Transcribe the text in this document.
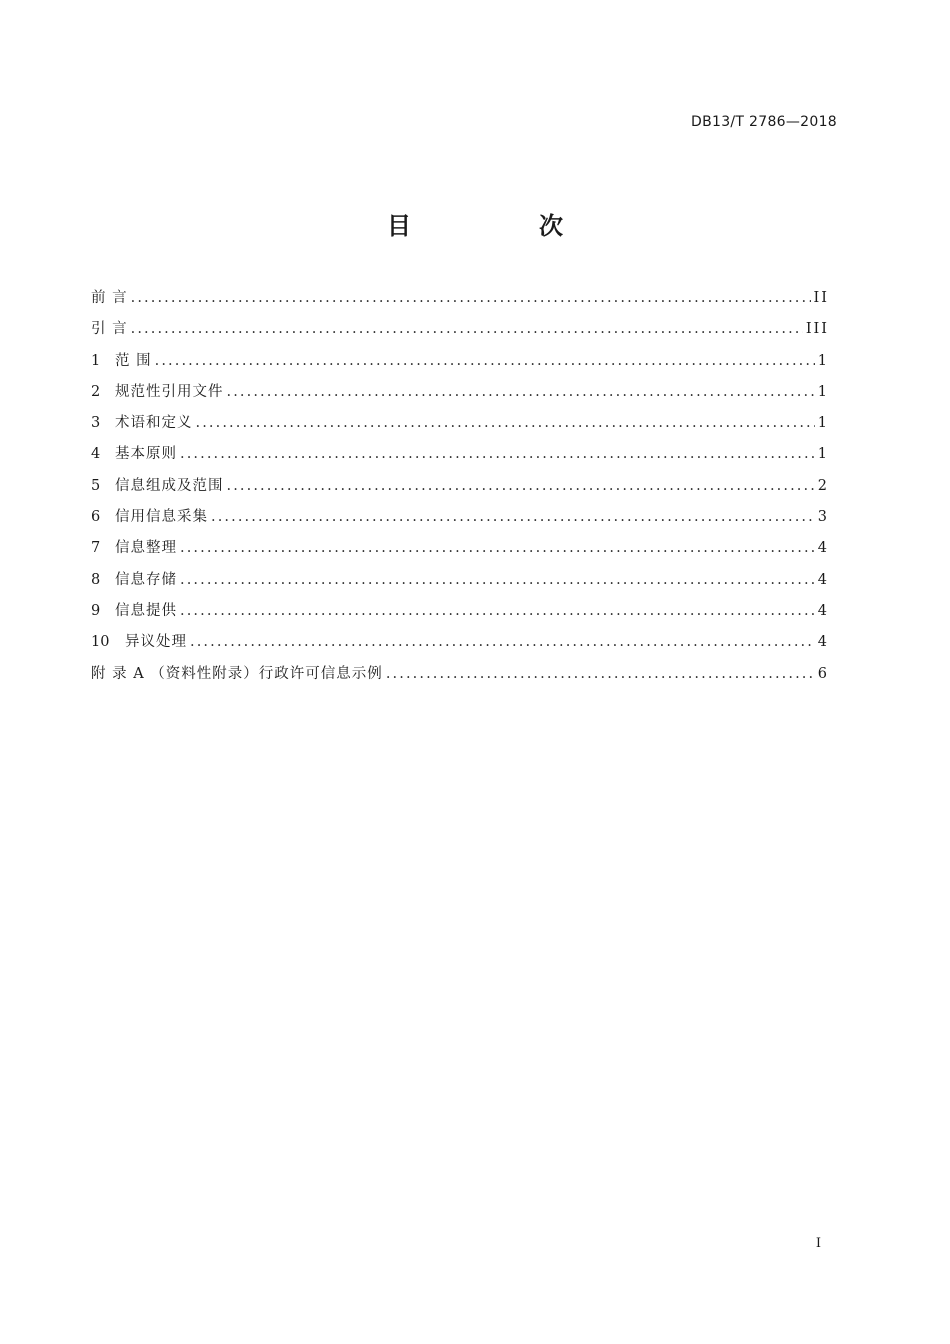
DB13/T 2786—2018
目　次
前 言 .....	II
引 言 .....	III
1	范 围 .....	1
2	规范性引用文件 .....	1
3	术语和定义 .....	1
4	基本原则 .....	1
5	信息组成及范围 .....	2
6	信用信息采集 .....	3
7	信息整理 .....	4
8	信息存储 .....	4
9	信息提供 .....	4
10	异议处理 .....	4
附 录 A （资料性附录）行政许可信息示例 .....	6
I
